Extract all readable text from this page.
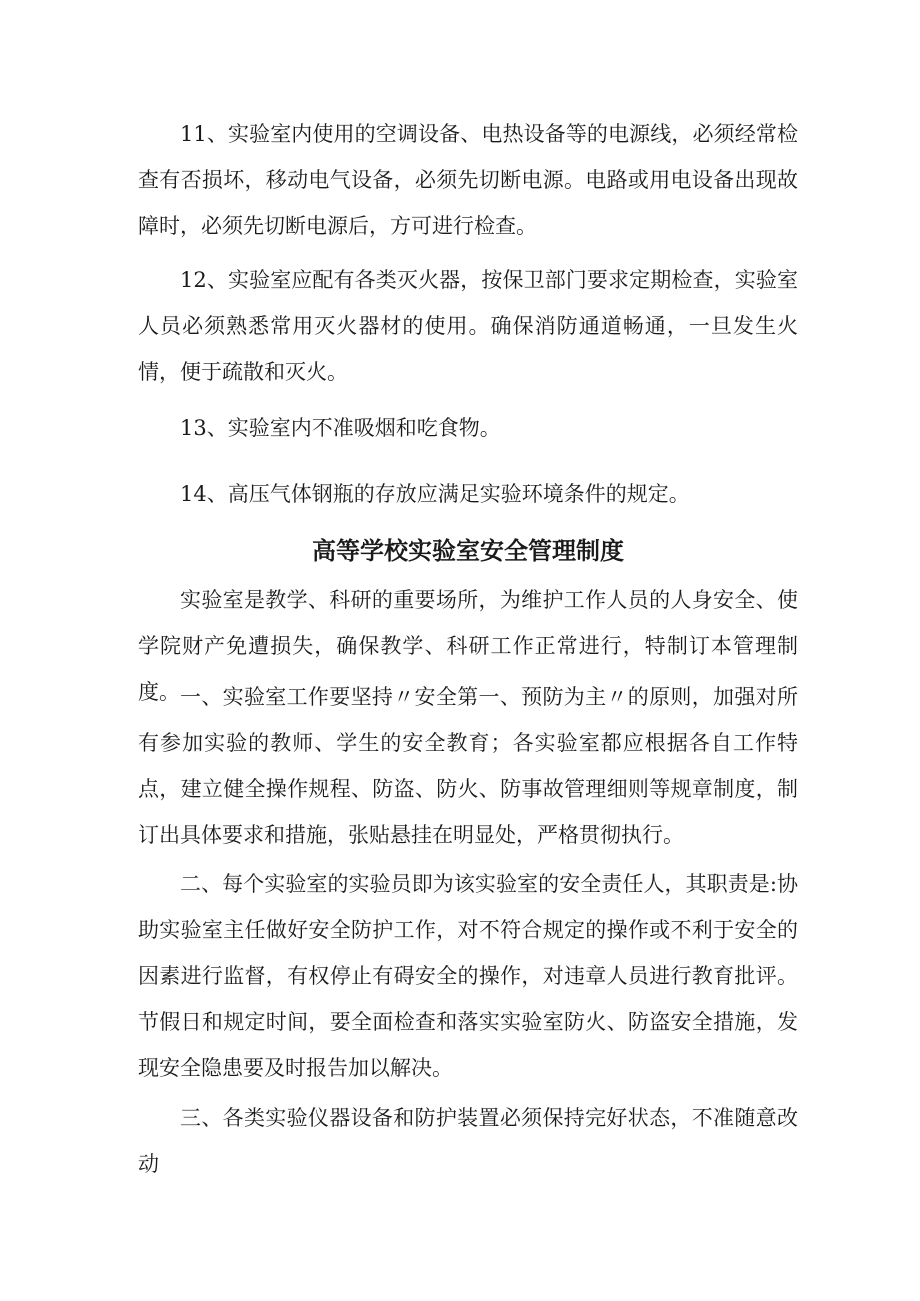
11、实验室内使用的空调设备、电热设备等的电源线，必须经常检查有否损坏，移动电气设备，必须先切断电源。电路或用电设备出现故障时，必须先切断电源后，方可进行检查。

12、实验室应配有各类灭火器，按保卫部门要求定期检查，实验室人员必须熟悉常用灭火器材的使用。确保消防通道畅通，一旦发生火情，便于疏散和灭火。

13、实验室内不准吸烟和吃食物。

14、高压气体钢瓶的存放应满足实验环境条件的规定。

高等学校实验室安全管理制度

实验室是教学、科研的重要场所，为维护工作人员的人身安全、使学院财产免遭损失，确保教学、科研工作正常进行，特制订本管理制度。 一、实验室工作要坚持〃安全第一、预防为主〃的原则，加强对所有参加实验的教师、学生的安全教育；各实验室都应根据各自工作特点，建立健全操作规程、防盗、防火、防事故管理细则等规章制度，制订出具体要求和措施，张贴悬挂在明显处，严格贯彻执行。

二、每个实验室的实验员即为该实验室的安全责任人，其职责是:协助实验室主任做好安全防护工作，对不符合规定的操作或不利于安全的因素进行监督，有权停止有碍安全的操作，对违章人员进行教育批评。节假日和规定时间，要全面检查和落实实验室防火、防盗安全措施，发现安全隐患要及时报告加以解决。

三、各类实验仪器设备和防护装置必须保持完好状态，不准随意改动
